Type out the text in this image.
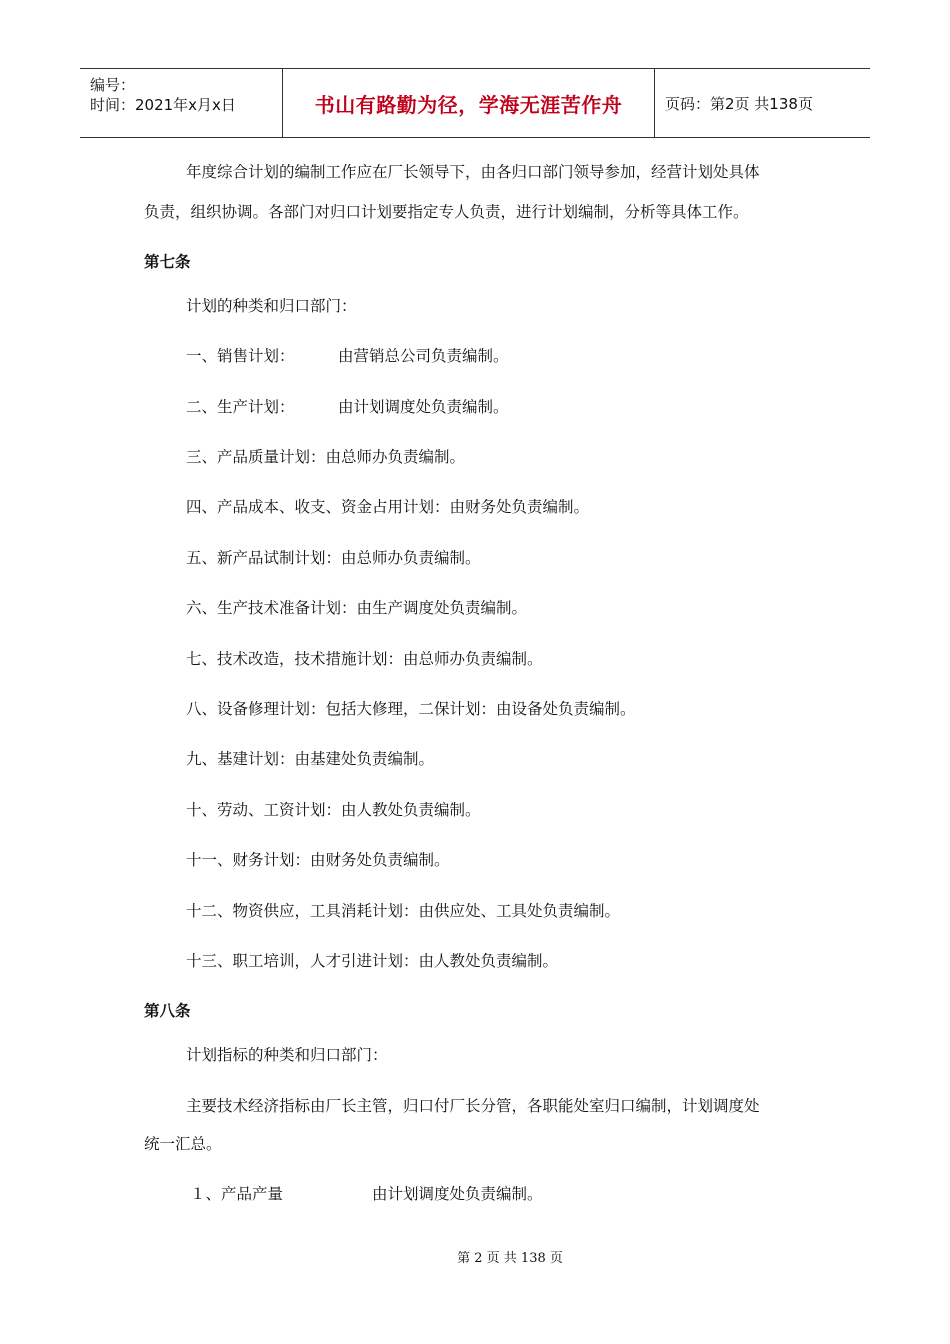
编号：
时间：2021年x月x日	书山有路勤为径，学海无涯苦作舟	页码：第2页 共138页
年度综合计划的编制工作应在厂长领导下，由各归口部门领导参加，经营计划处具体
负责，组织协调。各部门对归口计划要指定专人负责，进行计划编制，分析等具体工作。
第七条
计划的种类和归口部门：
一、销售计划：	由营销总公司负责编制。
二、生产计划：	由计划调度处负责编制。
三、产品质量计划：由总师办负责编制。
四、产品成本、收支、资金占用计划：由财务处负责编制。
五、新产品试制计划：由总师办负责编制。
六、生产技术准备计划：由生产调度处负责编制。
七、技术改造，技术措施计划：由总师办负责编制。
八、设备修理计划：包括大修理，二保计划：由设备处负责编制。
九、基建计划：由基建处负责编制。
十、劳动、工资计划：由人教处负责编制。
十一、财务计划：由财务处负责编制。
十二、物资供应，工具消耗计划：由供应处、工具处负责编制。
十三、职工培训，人才引进计划：由人教处负责编制。
第八条
计划指标的种类和归口部门：
主要技术经济指标由厂长主管，归口付厂长分管，各职能处室归口编制，计划调度处
统一汇总。
１、产品产量	由计划调度处负责编制。
第 2 页 共 138 页
